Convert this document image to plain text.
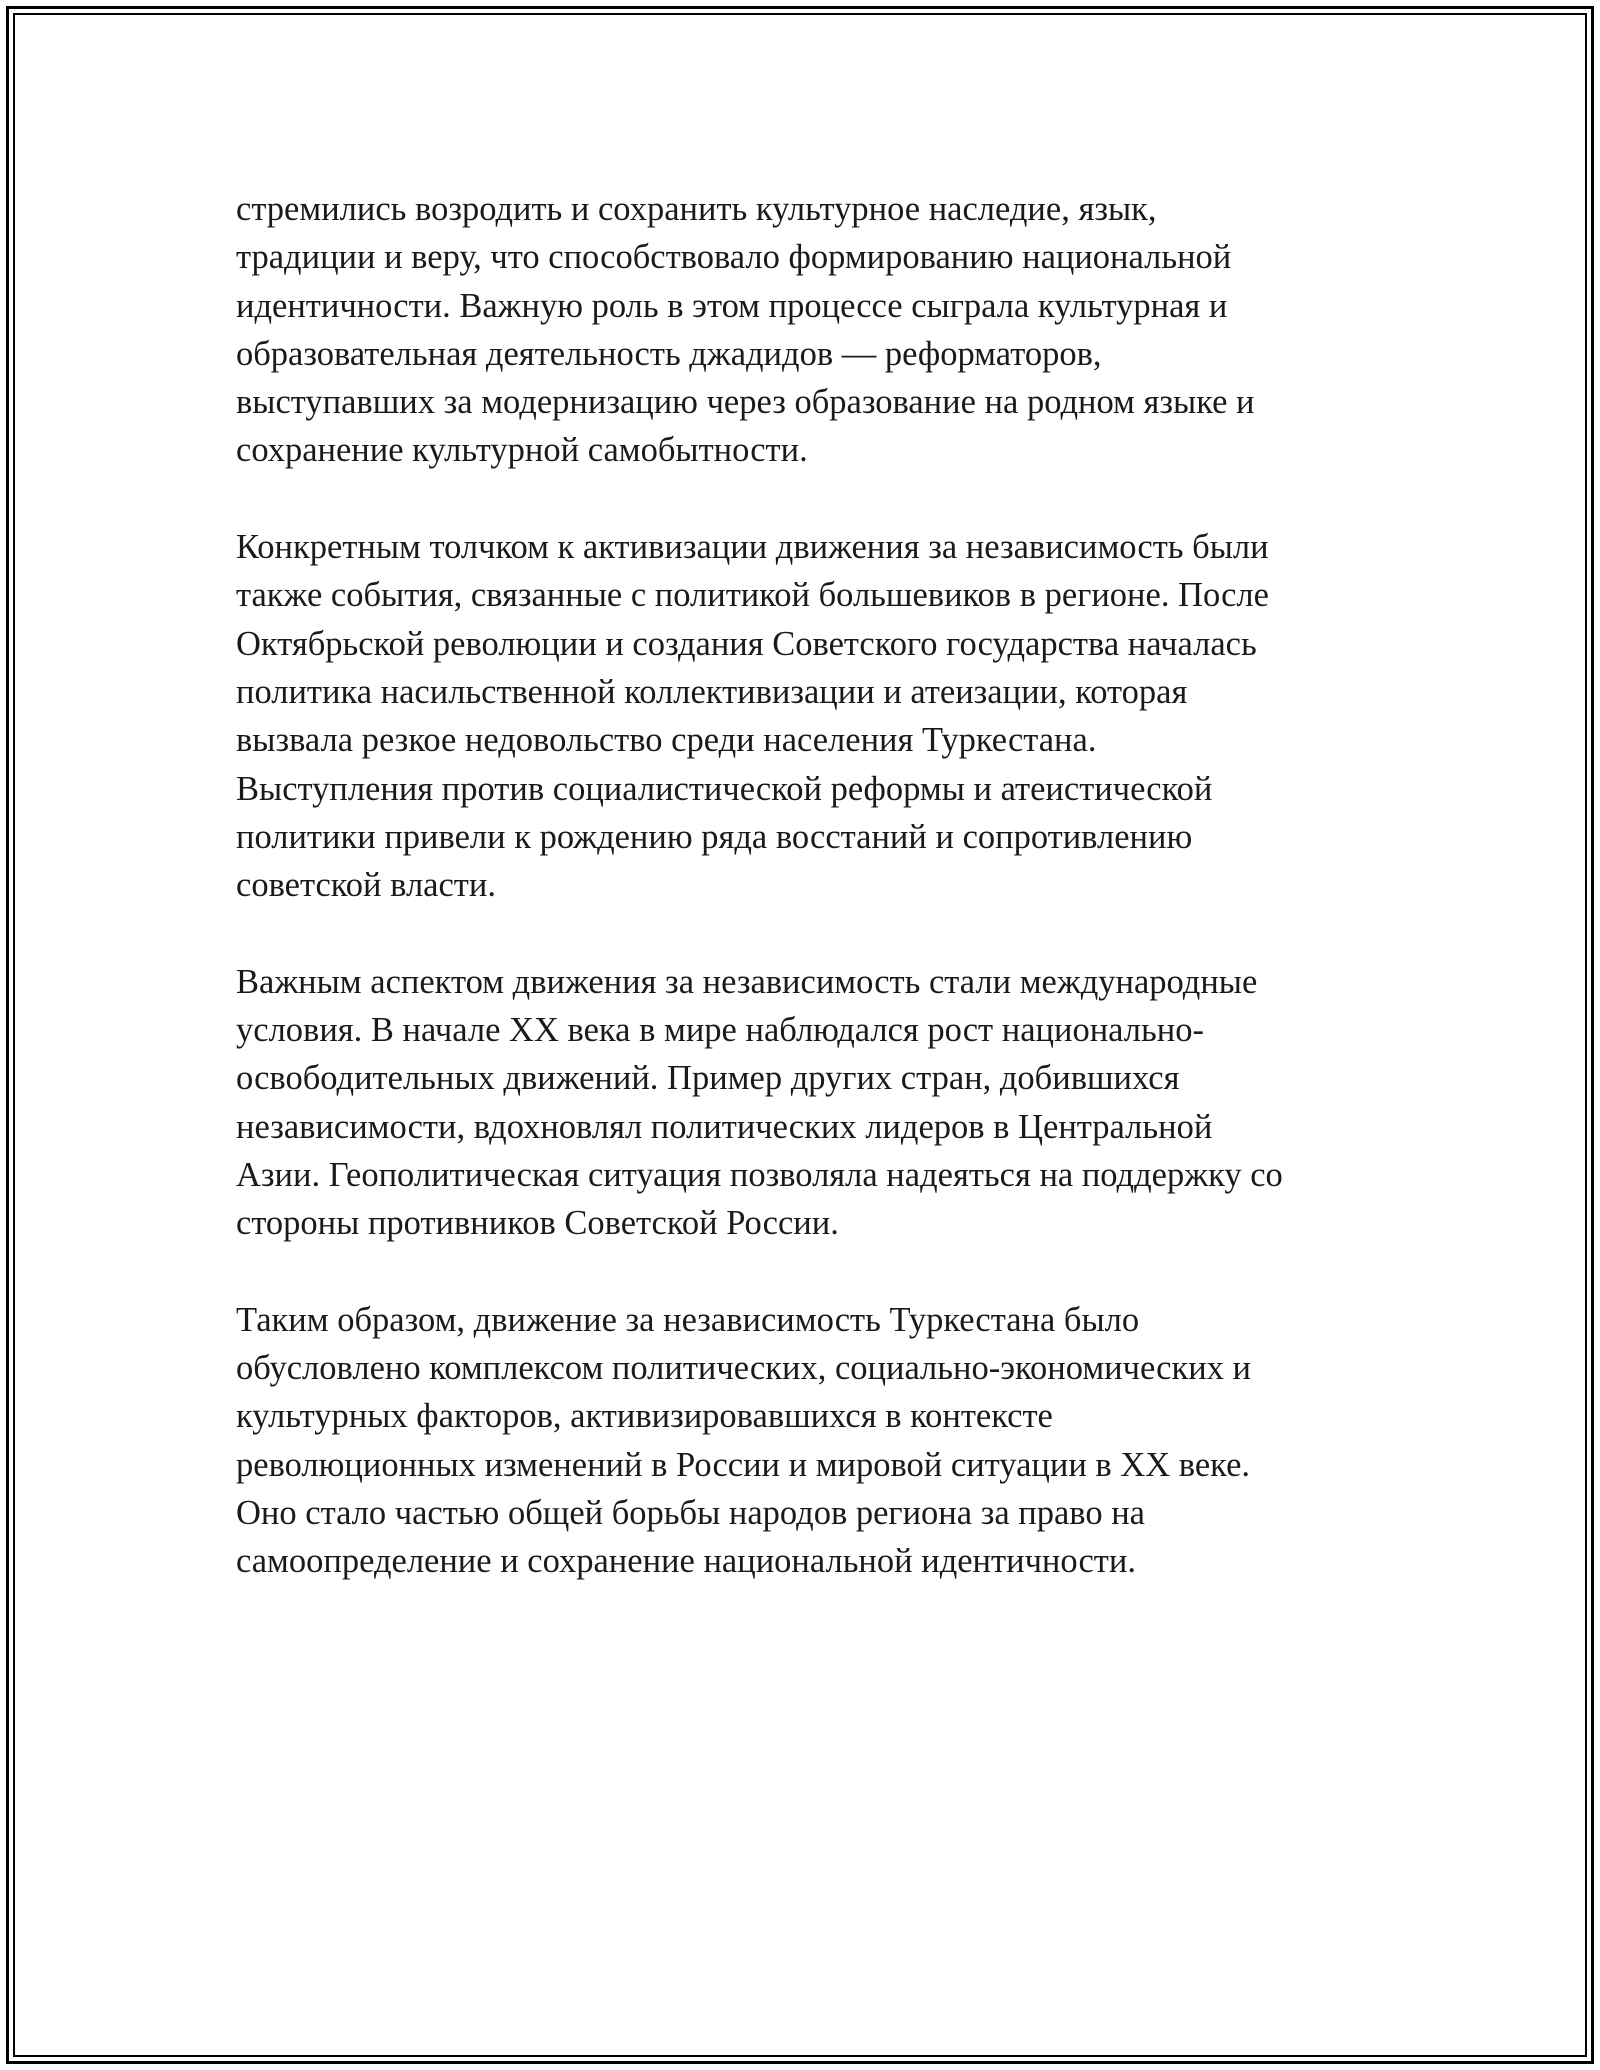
стремились возродить и сохранить культурное наследие, язык,
традиции и веру, что способствовало формированию национальной
идентичности. Важную роль в этом процессе сыграла культурная и
образовательная деятельность джадидов — реформаторов,
выступавших за модернизацию через образование на родном языке и
сохранение культурной самобытности.

Конкретным толчком к активизации движения за независимость были
также события, связанные с политикой большевиков в регионе. После
Октябрьской революции и создания Советского государства началась
политика насильственной коллективизации и атеизации, которая
вызвала резкое недовольство среди населения Туркестана.
Выступления против социалистической реформы и атеистической
политики привели к рождению ряда восстаний и сопротивлению
советской власти.

Важным аспектом движения за независимость стали международные
условия. В начале XX века в мире наблюдался рост национально-
освободительных движений. Пример других стран, добившихся
независимости, вдохновлял политических лидеров в Центральной
Азии. Геополитическая ситуация позволяла надеяться на поддержку со
стороны противников Советской России.

Таким образом, движение за независимость Туркестана было
обусловлено комплексом политических, социально-экономических и
культурных факторов, активизировавшихся в контексте
революционных изменений в России и мировой ситуации в XX веке.
Оно стало частью общей борьбы народов региона за право на
самоопределение и сохранение национальной идентичности.
